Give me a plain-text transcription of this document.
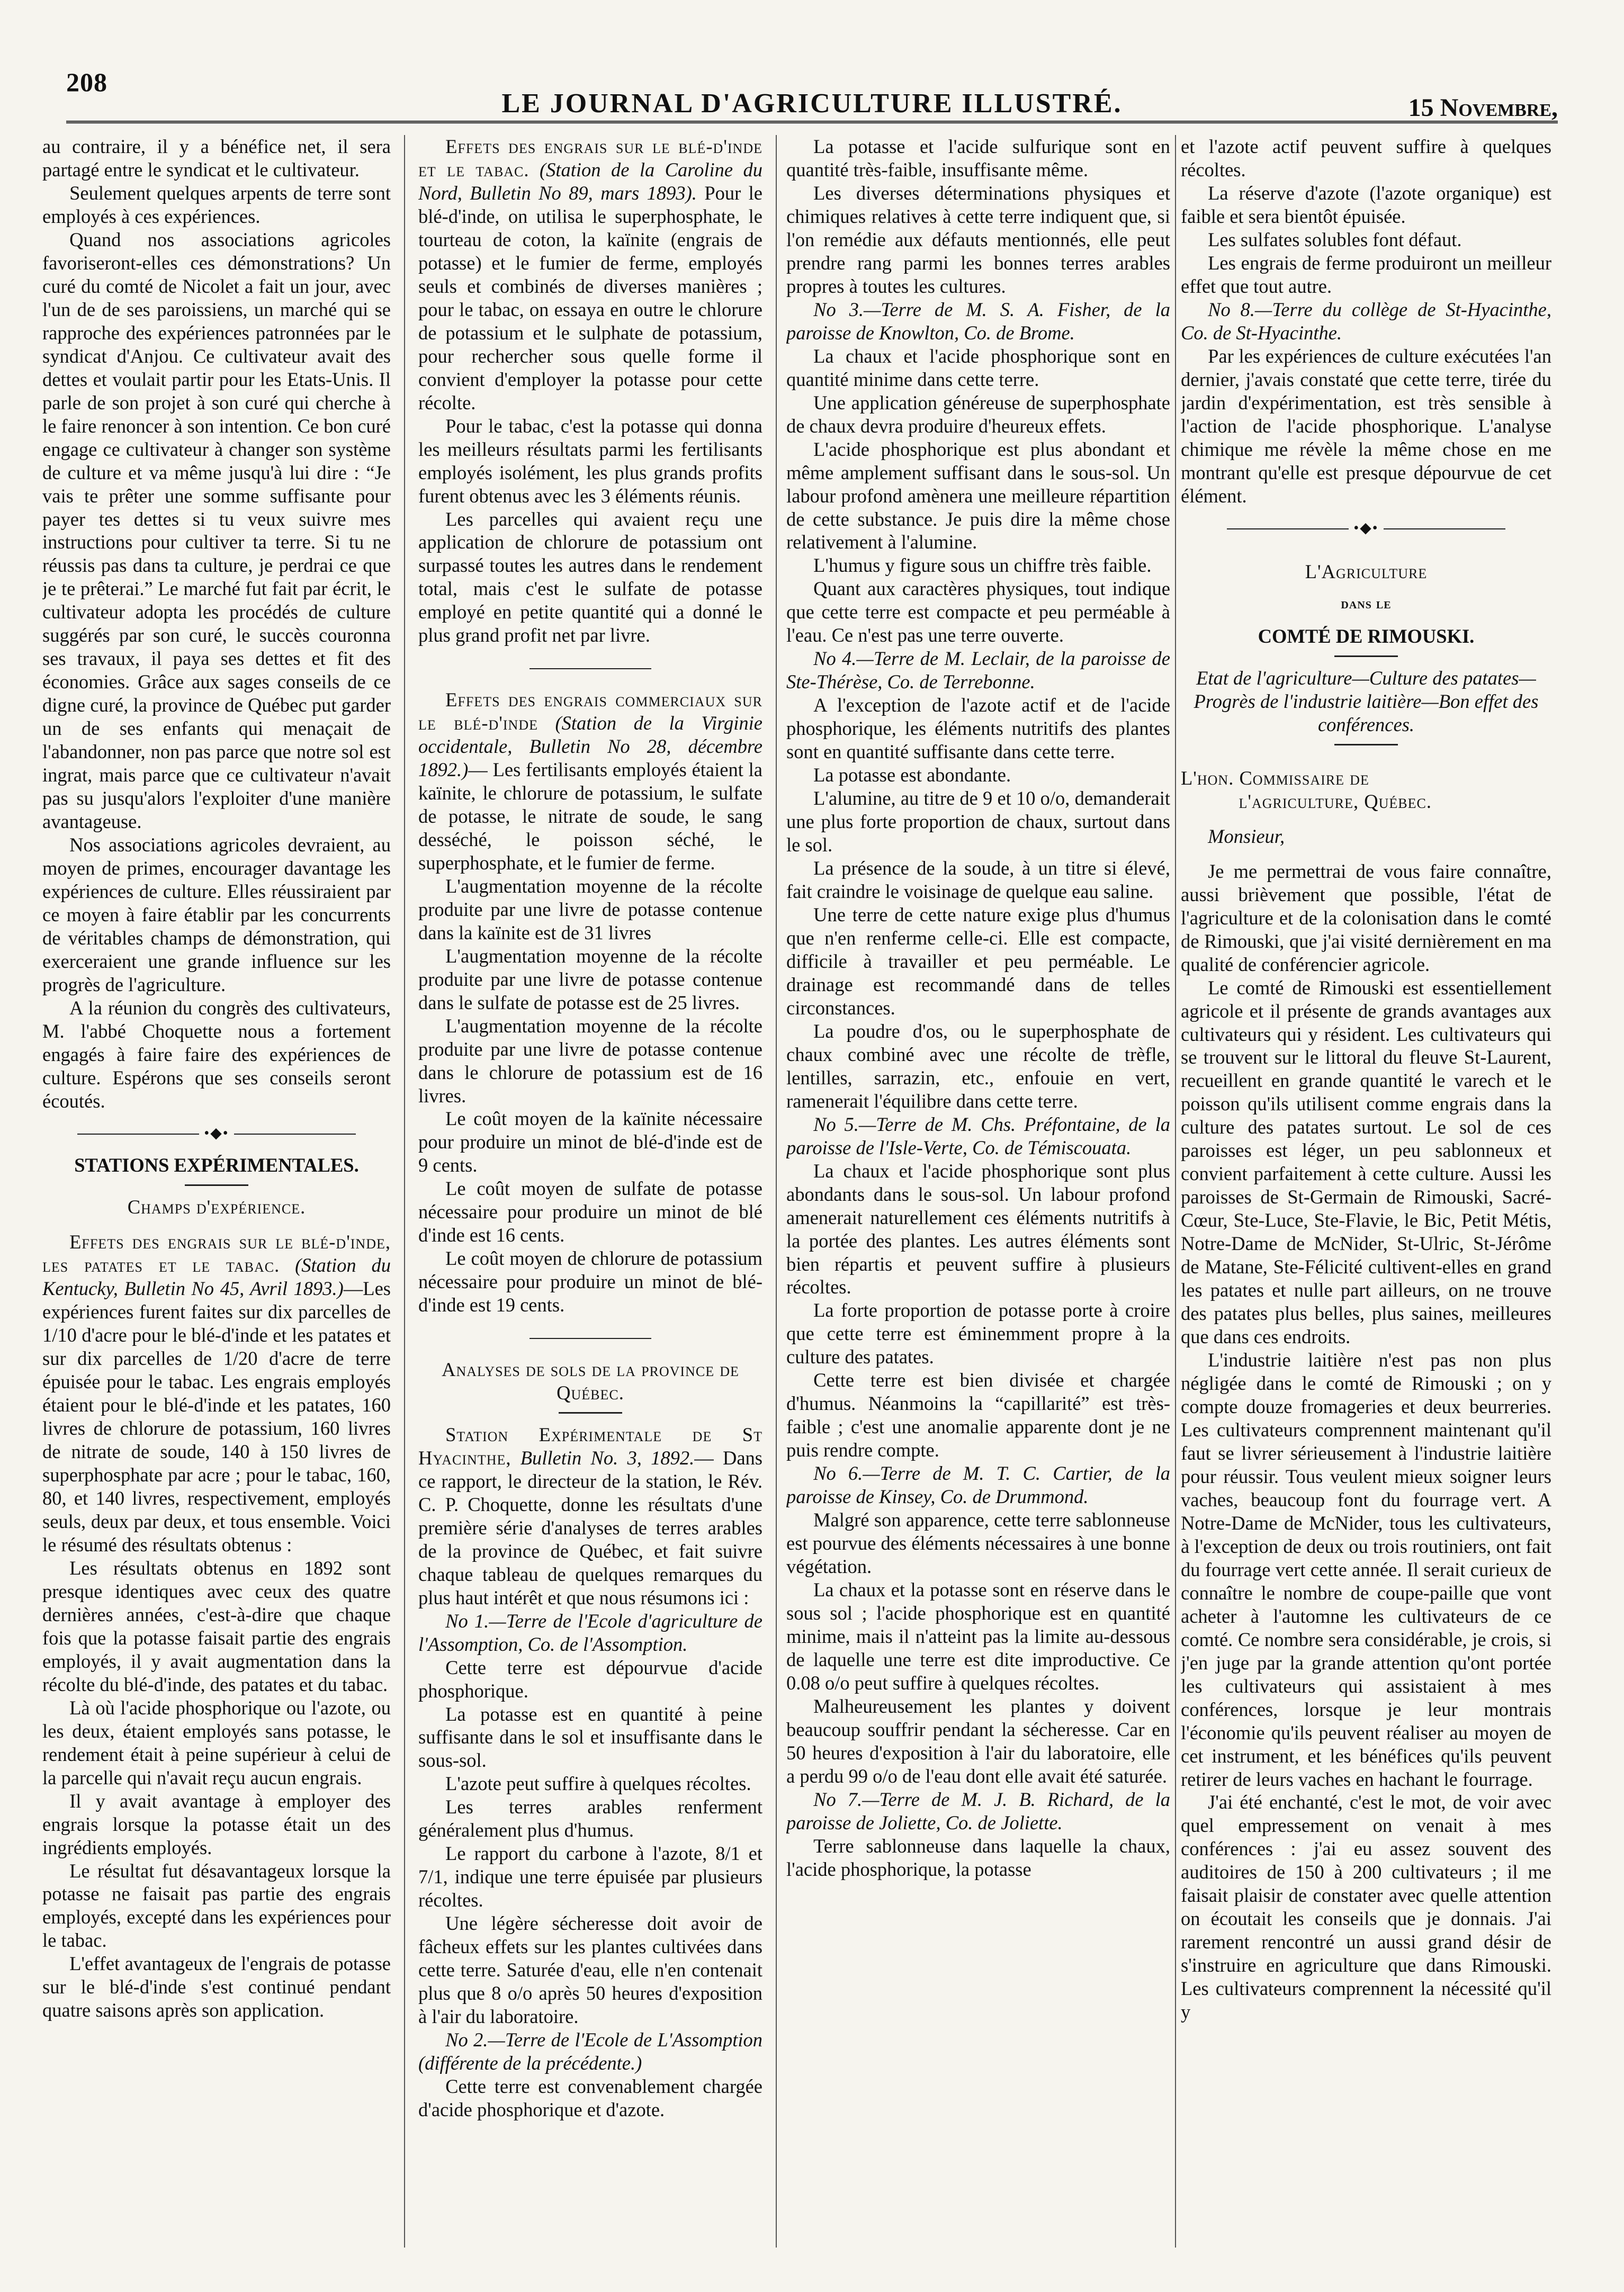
208
LE JOURNAL D'AGRICULTURE ILLUSTRÉ.	15 Novembre,

au contraire, il y a bénéfice net, il sera partagé entre le syndicat et le cultivateur.

Seulement quelques arpents de terre sont employés à ces expériences.

Quand nos associations agricoles favoriseront-elles ces démonstrations? Un curé du comté de Nicolet a fait un jour, avec l'un de de ses paroissiens, un marché qui se rapproche des expériences patronnées par le syndicat d'Anjou. Ce cultivateur avait des dettes et voulait partir pour les Etats-Unis. Il parle de son projet à son curé qui cherche à le faire renoncer à son intention. Ce bon curé engage ce cultivateur à changer son système de culture et va même jusqu'à lui dire : “Je vais te prêter une somme suffisante pour payer tes dettes si tu veux suivre mes instructions pour cultiver ta terre. Si tu ne réussis pas dans ta culture, je perdrai ce que je te prêterai.” Le marché fut fait par écrit, le cultivateur adopta les procédés de culture suggérés par son curé, le succès couronna ses travaux, il paya ses dettes et fit des économies. Grâce aux sages conseils de ce digne curé, la province de Québec put garder un de ses enfants qui menaçait de l'abandonner, non pas parce que notre sol est ingrat, mais parce que ce cultivateur n'avait pas su jusqu'alors l'exploiter d'une manière avantageuse.

Nos associations agricoles devraient, au moyen de primes, encourager davantage les expériences de culture. Elles réussiraient par ce moyen à faire établir par les concurrents de véritables champs de démonstration, qui exerceraient une grande influence sur les progrès de l'agriculture.

A la réunion du congrès des cultivateurs, M. l'abbé Choquette nous a fortement engagés à faire faire des expériences de culture. Espérons que ses conseils seront écoutés.

•◆•

STATIONS EXPÉRIMENTALES.

Champs d'expérience.

Effets des engrais sur le blé-d'inde, les patates et le tabac. (Station du Kentucky, Bulletin No 45, Avril 1893.)—Les expériences furent faites sur dix parcelles de 1/10 d'acre pour le blé-d'inde et les patates et sur dix parcelles de 1/20 d'acre de terre épuisée pour le tabac. Les engrais employés étaient pour le blé-d'inde et les patates, 160 livres de chlorure de potassium, 160 livres de nitrate de soude, 140 à 150 livres de superphosphate par acre ; pour le tabac, 160, 80, et 140 livres, respectivement, employés seuls, deux par deux, et tous ensemble. Voici le résumé des résultats obtenus :

Les résultats obtenus en 1892 sont presque identiques avec ceux des quatre dernières années, c'est-à-dire que chaque fois que la potasse faisait partie des engrais employés, il y avait augmentation dans la récolte du blé-d'inde, des patates et du tabac.

Là où l'acide phosphorique ou l'azote, ou les deux, étaient employés sans potasse, le rendement était à peine supérieur à celui de la parcelle qui n'avait reçu aucun engrais.

Il y avait avantage à employer des engrais lorsque la potasse était un des ingrédients employés.

Le résultat fut désavantageux lorsque la potasse ne faisait pas partie des engrais employés, excepté dans les expériences pour le tabac.

L'effet avantageux de l'engrais de potasse sur le blé-d'inde s'est continué pendant quatre saisons après son application.

Effets des engrais sur le blé-d'inde et le tabac. (Station de la Caroline du Nord, Bulletin No 89, mars 1893). Pour le blé-d'inde, on utilisa le superphosphate, le tourteau de coton, la kaïnite (engrais de potasse) et le fumier de ferme, employés seuls et combinés de diverses manières ; pour le tabac, on essaya en outre le chlorure de potassium et le sulphate de potassium, pour rechercher sous quelle forme il convient d'employer la potasse pour cette récolte.

Pour le tabac, c'est la potasse qui donna les meilleurs résultats parmi les fertilisants employés isolément, les plus grands profits furent obtenus avec les 3 éléments réunis.

Les parcelles qui avaient reçu une application de chlorure de potassium ont surpassé toutes les autres dans le rendement total, mais c'est le sulfate de potasse employé en petite quantité qui a donné le plus grand profit net par livre.

Effets des engrais commerciaux sur le blé-d'inde (Station de la Virginie occidentale, Bulletin No 28, décembre 1892.)— Les fertilisants employés étaient la kaïnite, le chlorure de potassium, le sulfate de potasse, le nitrate de soude, le sang desséché, le poisson séché, le superphosphate, et le fumier de ferme.

L'augmentation moyenne de la récolte produite par une livre de potasse contenue dans la kaïnite est de 31 livres

L'augmentation moyenne de la récolte produite par une livre de potasse contenue dans le sulfate de potasse est de 25 livres.

L'augmentation moyenne de la récolte produite par une livre de potasse contenue dans le chlorure de potassium est de 16 livres.

Le coût moyen de la kaïnite nécessaire pour produire un minot de blé-d'inde est de 9 cents.

Le coût moyen de sulfate de potasse nécessaire pour produire un minot de blé d'inde est 16 cents.

Le coût moyen de chlorure de potassium nécessaire pour produire un minot de blé-d'inde est 19 cents.

Analyses de sols de la province de Québec.

Station Expérimentale de St Hyacinthe, Bulletin No. 3, 1892.— Dans ce rapport, le directeur de la station, le Rév. C. P. Choquette, donne les résultats d'une première série d'analyses de terres arables de la province de Québec, et fait suivre chaque tableau de quelques remarques du plus haut intérêt et que nous résumons ici :

No 1.—Terre de l'Ecole d'agriculture de l'Assomption, Co. de l'Assomption.

Cette terre est dépourvue d'acide phosphorique.

La potasse est en quantité à peine suffisante dans le sol et insuffisante dans le sous-sol.

L'azote peut suffire à quelques récoltes.

Les terres arables renferment généralement plus d'humus.

Le rapport du carbone à l'azote, 8/1 et 7/1, indique une terre épuisée par plusieurs récoltes.

Une légère sécheresse doit avoir de fâcheux effets sur les plantes cultivées dans cette terre. Saturée d'eau, elle n'en contenait plus que 8 o/o après 50 heures d'exposition à l'air du laboratoire.

No 2.—Terre de l'Ecole de L'Assomption (différente de la précédente.)

Cette terre est convenablement chargée d'acide phosphorique et d'azote.

La potasse et l'acide sulfurique sont en quantité très-faible, insuffisante même.

Les diverses déterminations physiques et chimiques relatives à cette terre indiquent que, si l'on remédie aux défauts mentionnés, elle peut prendre rang parmi les bonnes terres arables propres à toutes les cultures.

No 3.—Terre de M. S. A. Fisher, de la paroisse de Knowlton, Co. de Brome.

La chaux et l'acide phosphorique sont en quantité minime dans cette terre.

Une application généreuse de superphosphate de chaux devra produire d'heureux effets.

L'acide phosphorique est plus abondant et même amplement suffisant dans le sous-sol. Un labour profond amènera une meilleure répartition de cette substance. Je puis dire la même chose relativement à l'alumine.

L'humus y figure sous un chiffre très faible.

Quant aux caractères physiques, tout indique que cette terre est compacte et peu perméable à l'eau. Ce n'est pas une terre ouverte.

No 4.—Terre de M. Leclair, de la paroisse de Ste-Thérèse, Co. de Terrebonne.

A l'exception de l'azote actif et de l'acide phosphorique, les éléments nutritifs des plantes sont en quantité suffisante dans cette terre.

La potasse est abondante.

L'alumine, au titre de 9 et 10 o/o, demanderait une plus forte proportion de chaux, surtout dans le sol.

La présence de la soude, à un titre si élevé, fait craindre le voisinage de quelque eau saline.

Une terre de cette nature exige plus d'humus que n'en renferme celle-ci. Elle est compacte, difficile à travailler et peu perméable. Le drainage est recommandé dans de telles circonstances.

La poudre d'os, ou le superphosphate de chaux combiné avec une récolte de trèfle, lentilles, sarrazin, etc., enfouie en vert, ramenerait l'équilibre dans cette terre.

No 5.—Terre de M. Chs. Préfontaine, de la paroisse de l'Isle-Verte, Co. de Témiscouata.

La chaux et l'acide phosphorique sont plus abondants dans le sous-sol. Un labour profond amenerait naturellement ces éléments nutritifs à la portée des plantes. Les autres éléments sont bien répartis et peuvent suffire à plusieurs récoltes.

La forte proportion de potasse porte à croire que cette terre est éminemment propre à la culture des patates.

Cette terre est bien divisée et chargée d'humus. Néanmoins la “capillarité” est très-faible ; c'est une anomalie apparente dont je ne puis rendre compte.

No 6.—Terre de M. T. C. Cartier, de la paroisse de Kinsey, Co. de Drummond.

Malgré son apparence, cette terre sablonneuse est pourvue des éléments nécessaires à une bonne végétation.

La chaux et la potasse sont en réserve dans le sous sol ; l'acide phosphorique est en quantité minime, mais il n'atteint pas la limite au-dessous de laquelle une terre est dite improductive. Ce 0.08 o/o peut suffire à quelques récoltes.

Malheureusement les plantes y doivent beaucoup souffrir pendant la sécheresse. Car en 50 heures d'exposition à l'air du laboratoire, elle a perdu 99 o/o de l'eau dont elle avait été saturée.

No 7.—Terre de M. J. B. Richard, de la paroisse de Joliette, Co. de Joliette.

Terre sablonneuse dans laquelle la chaux, l'acide phosphorique, la potasse

et l'azote actif peuvent suffire à quelques récoltes.

La réserve d'azote (l'azote organique) est faible et sera bientôt épuisée.

Les sulfates solubles font défaut.

Les engrais de ferme produiront un meilleur effet que tout autre.

No 8.—Terre du collège de St-Hyacinthe, Co. de St-Hyacinthe.

Par les expériences de culture exécutées l'an dernier, j'avais constaté que cette terre, tirée du jardin d'expérimentation, est très sensible à l'action de l'acide phosphorique. L'analyse chimique me révèle la même chose en me montrant qu'elle est presque dépourvue de cet élément.

•◆•

L'Agriculture

dans le

COMTÉ DE RIMOUSKI.

Etat de l'agriculture—Culture des patates—Progrès de l'industrie laitière—Bon effet des conférences.

L'hon. Commissaire de

l'agriculture, Québec.

Monsieur,

Je me permettrai de vous faire connaître, aussi brièvement que possible, l'état de l'agriculture et de la colonisation dans le comté de Rimouski, que j'ai visité dernièrement en ma qualité de conférencier agricole.

Le comté de Rimouski est essentiellement agricole et il présente de grands avantages aux cultivateurs qui y résident. Les cultivateurs qui se trouvent sur le littoral du fleuve St-Laurent, recueillent en grande quantité le varech et le poisson qu'ils utilisent comme engrais dans la culture des patates surtout. Le sol de ces paroisses est léger, un peu sablonneux et convient parfaitement à cette culture. Aussi les paroisses de St-Germain de Rimouski, Sacré-Cœur, Ste-Luce, Ste-Flavie, le Bic, Petit Métis, Notre-Dame de McNider, St-Ulric, St-Jérôme de Matane, Ste-Félicité cultivent-elles en grand les patates et nulle part ailleurs, on ne trouve des patates plus belles, plus saines, meilleures que dans ces endroits.

L'industrie laitière n'est pas non plus négligée dans le comté de Rimouski ; on y compte douze fromageries et deux beurreries. Les cultivateurs comprennent maintenant qu'il faut se livrer sérieusement à l'industrie laitière pour réussir. Tous veulent mieux soigner leurs vaches, beaucoup font du fourrage vert. A Notre-Dame de McNider, tous les cultivateurs, à l'exception de deux ou trois routiniers, ont fait du fourrage vert cette année. Il serait curieux de connaître le nombre de coupe-paille que vont acheter à l'automne les cultivateurs de ce comté. Ce nombre sera considérable, je crois, si j'en juge par la grande attention qu'ont portée les cultivateurs qui assistaient à mes conférences, lorsque je leur montrais l'économie qu'ils peuvent réaliser au moyen de cet instrument, et les bénéfices qu'ils peuvent retirer de leurs vaches en hachant le fourrage.

J'ai été enchanté, c'est le mot, de voir avec quel empressement on venait à mes conférences : j'ai eu assez souvent des auditoires de 150 à 200 cultivateurs ; il me faisait plaisir de constater avec quelle attention on écoutait les conseils que je donnais. J'ai rarement rencontré un aussi grand désir de s'instruire en agriculture que dans Rimouski. Les cultivateurs comprennent la nécessité qu'il y
